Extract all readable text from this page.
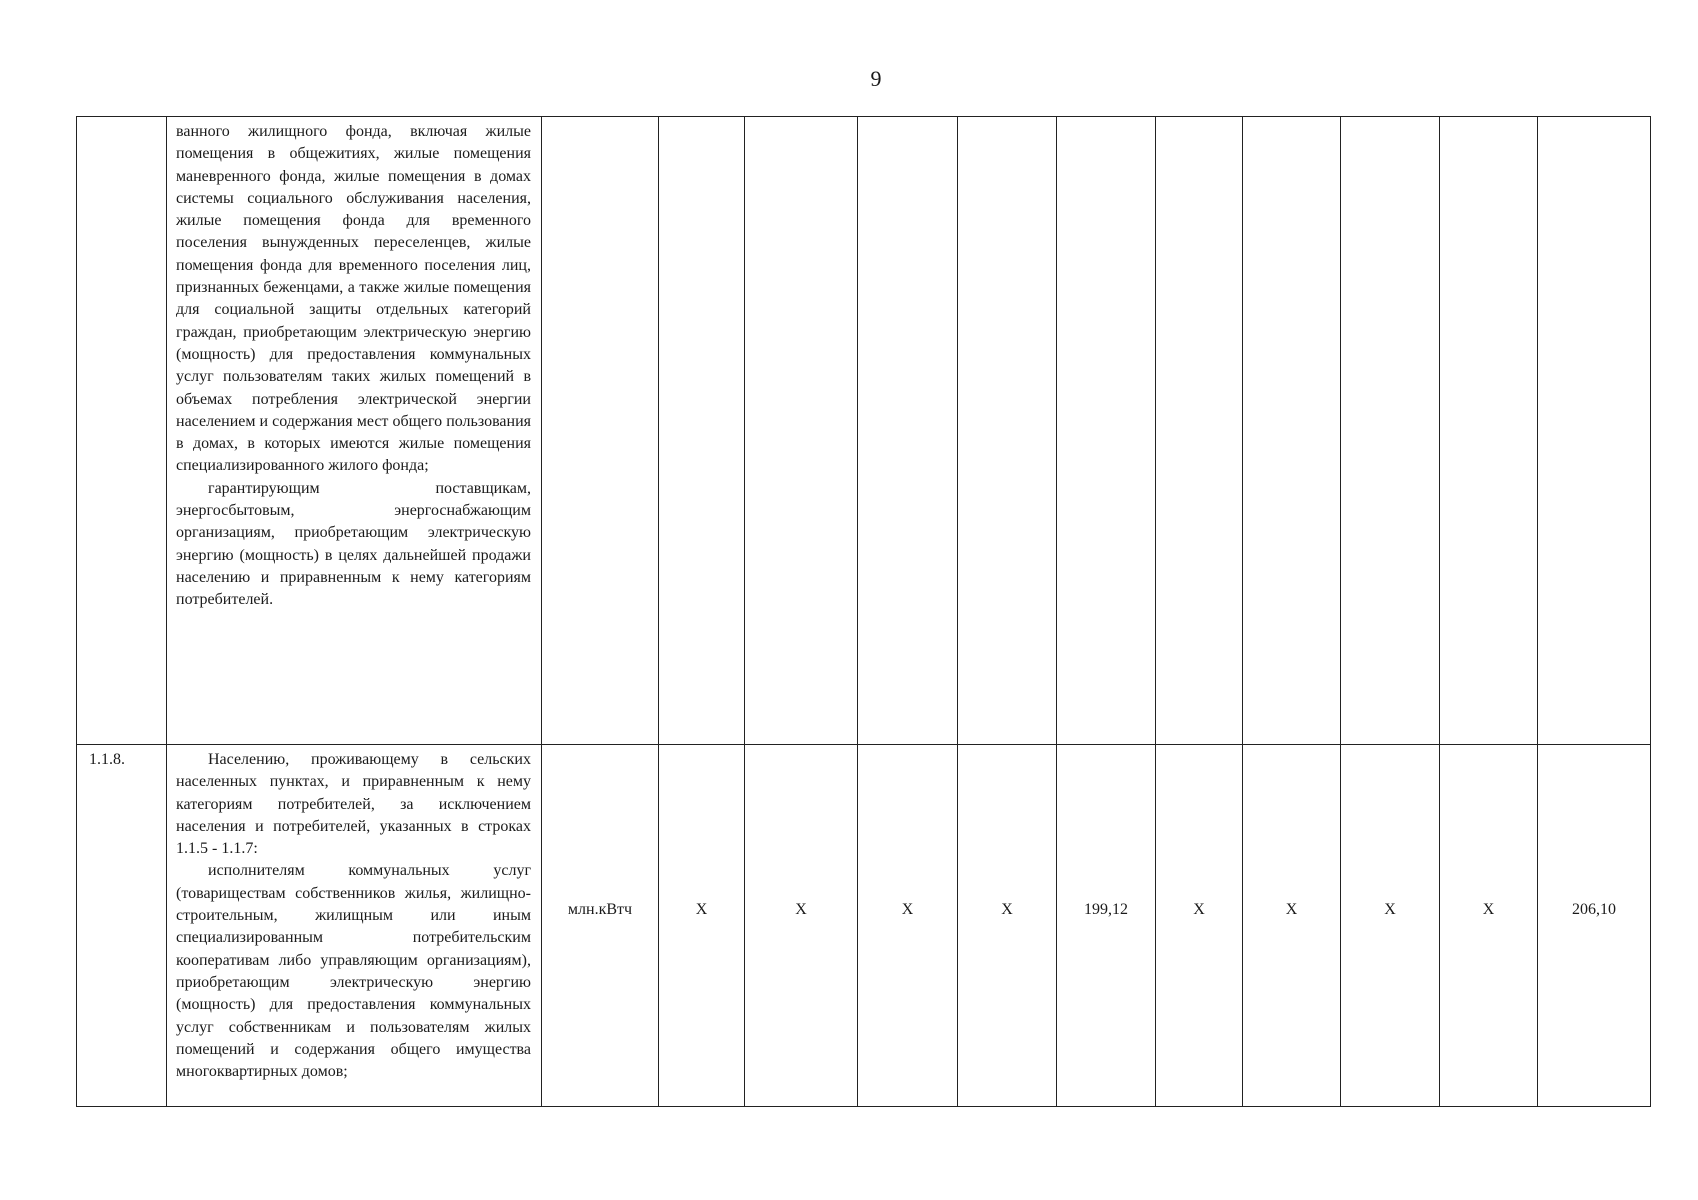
9

	ванного жилищного фонда, включая жилые помещения в общежитиях, жилые помещения маневренного фонда, жилые помещения в домах системы социального обслуживания населения, жилые помещения фонда для временного поселения вынужденных переселенцев, жилые помещения фонда для временного поселения лиц, признанных беженцами, а также жилые помещения для социальной защиты отдельных категорий граждан, приобретающим электрическую энергию (мощность) для предоставления коммунальных услуг пользователям таких жилых помещений в объемах потребления электрической энергии населением и содержания мест общего пользования в домах, в которых имеются жилые помещения специализированного жилого фонда;

гарантирующим поставщикам, энергосбытовым, энергоснабжающим организациям, приобретающим электрическую энергию (мощность) в целях дальнейшей продажи населению и приравненным к нему категориям потребителей.											

1.1.8.	Населению, проживающему в сельских населенных пунктах, и приравненным к нему категориям потребителей, за исключением населения и потребителей, указанных в строках 1.1.5 - 1.1.7:

исполнителям коммунальных услуг (товариществам собственников жилья, жилищно-строительным, жилищным или иным специализированным потребительским кооперативам либо управляющим организациям), приобретающим электрическую энергию (мощность) для предоставления коммунальных услуг собственникам и пользователям жилых помещений и содержания общего имущества многоквартирных домов;	млн.кВтч	X	X	X	X	199,12	X	X	X	X	206,10
